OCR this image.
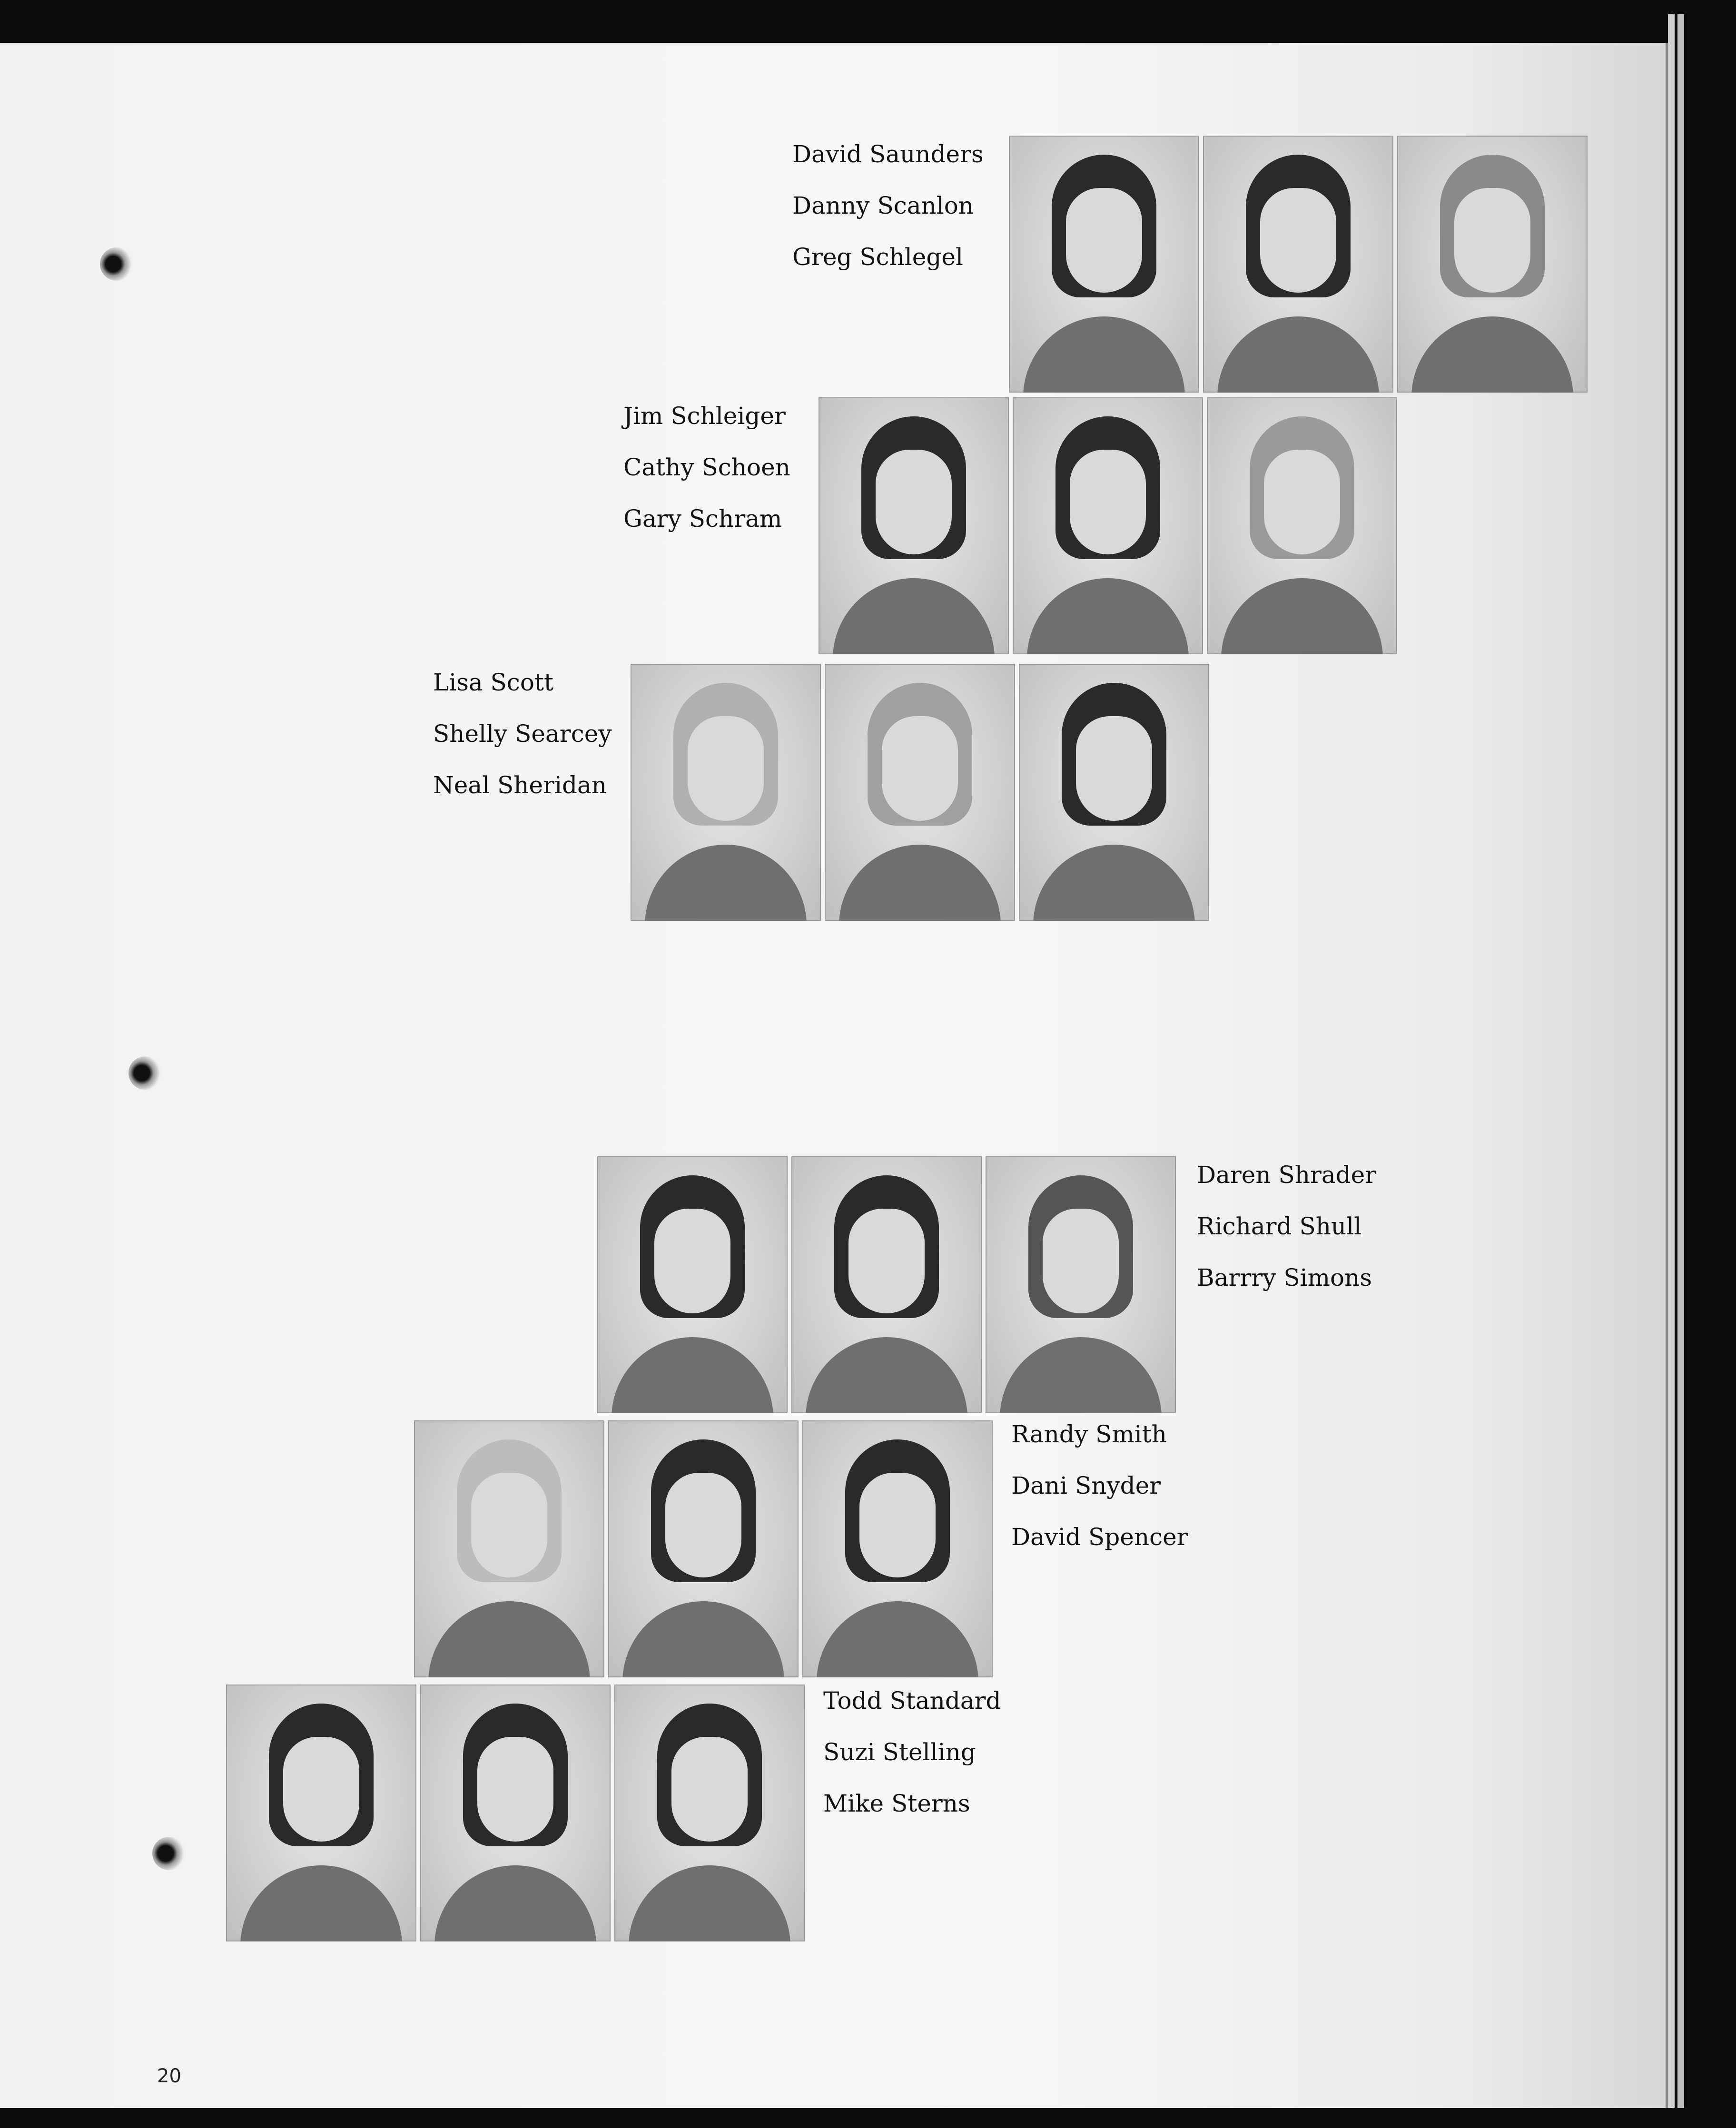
David Saunders
Danny Scanlon
Greg Schlegel
Jim Schleiger
Cathy Schoen
Gary Schram
Lisa Scott
Shelly Searcey
Neal Sheridan
Daren Shrader
Richard Shull
Barrry Simons
Randy Smith
Dani Snyder
David Spencer
Todd Standard
Suzi Stelling
Mike Sterns
20
